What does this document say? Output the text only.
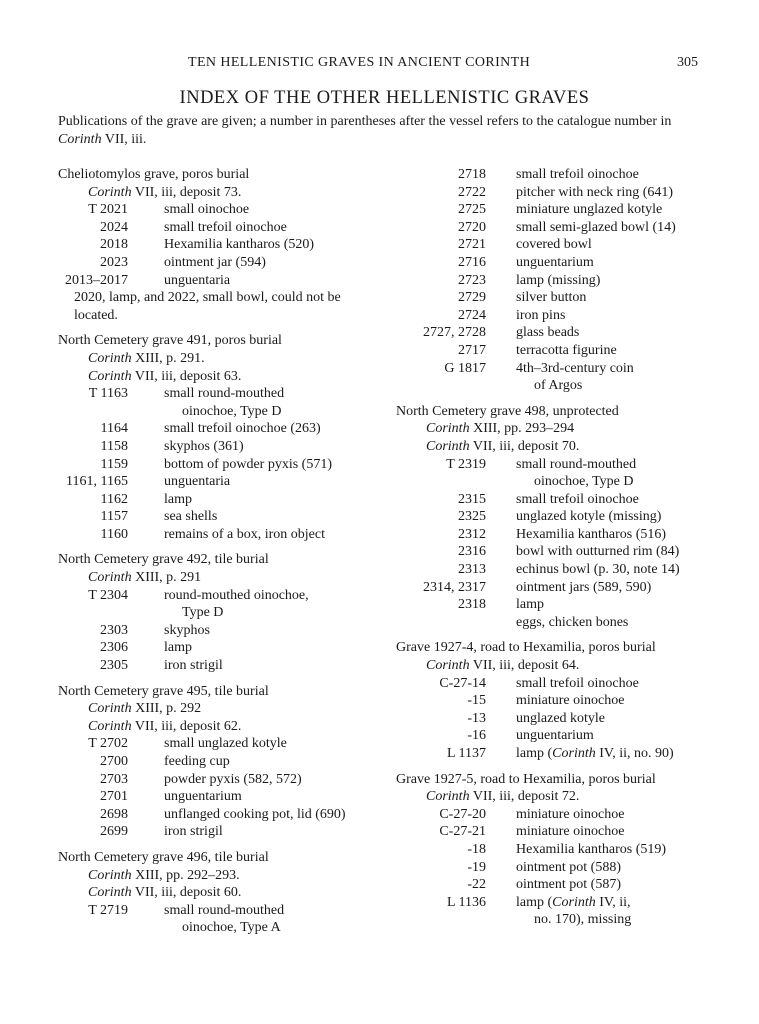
TEN HELLENISTIC GRAVES IN ANCIENT CORINTH	305
INDEX OF THE OTHER HELLENISTIC GRAVES
Publications of the grave are given; a number in parentheses after the vessel refers to the catalogue number in Corinth VII, iii.

Cheliotomylos grave, poros burial

Corinth VII, iii, deposit 73.

T 2021	small oinochoe
2024	small trefoil oinochoe
2018	Hexamilia kantharos (520)
2023	ointment jar (594)
2013–2017	unguentaria

2020, lamp, and 2022, small bowl, could not be located.

North Cemetery grave 491, poros burial

Corinth XIII, p. 291.

Corinth VII, iii, deposit 63.

T 1163	small round-mouthed
oinochoe, Type D
1164	small trefoil oinochoe (263)
1158	skyphos (361)
1159	bottom of powder pyxis (571)
1161, 1165	unguentaria
1162	lamp
1157	sea shells
1160	remains of a box, iron object

North Cemetery grave 492, tile burial

Corinth XIII, p. 291

T 2304	round-mouthed oinochoe,
Type D
2303	skyphos
2306	lamp
2305	iron strigil

North Cemetery grave 495, tile burial

Corinth XIII, p. 292

Corinth VII, iii, deposit 62.

T 2702	small unglazed kotyle
2700	feeding cup
2703	powder pyxis (582, 572)
2701	unguentarium
2698	unflanged cooking pot, lid (690)
2699	iron strigil

North Cemetery grave 496, tile burial

Corinth XIII, pp. 292–293.

Corinth VII, iii, deposit 60.

T 2719	small round-mouthed
oinochoe, Type A
2718 small trefoil oinochoe
2722 pitcher with neck ring (641)
2725 miniature unglazed kotyle
2720 small semi-glazed bowl (14)
2721 covered bowl
2716 unguentarium
2723 lamp (missing)
2729 silver button
2724 iron pins
2727, 2728 glass beads
2717 terracotta figurine
G 1817 4th–3rd-century coin
of Argos

North Cemetery grave 498, unprotected

Corinth XIII, pp. 293–294

Corinth VII, iii, deposit 70.

T 2319 small round-mouthed
oinochoe, Type D
2315 small trefoil oinochoe
2325 unglazed kotyle (missing)
2312 Hexamilia kantharos (516)
2316 bowl with outturned rim (84)
2313 echinus bowl (p. 30, note 14)
2314, 2317 ointment jars (589, 590)
2318 lamp
eggs, chicken bones

Grave 1927-4, road to Hexamilia, poros burial

Corinth VII, iii, deposit 64.

C-27-14 small trefoil oinochoe
-15 miniature oinochoe
-13 unglazed kotyle
-16 unguentarium
L 1137 lamp (Corinth IV, ii, no. 90)

Grave 1927-5, road to Hexamilia, poros burial

Corinth VII, iii, deposit 72.

C-27-20 miniature oinochoe
C-27-21 miniature oinochoe
-18 Hexamilia kantharos (519)
-19 ointment pot (588)
-22 ointment pot (587)
L 1136 lamp (Corinth IV, ii,
no. 170), missing
